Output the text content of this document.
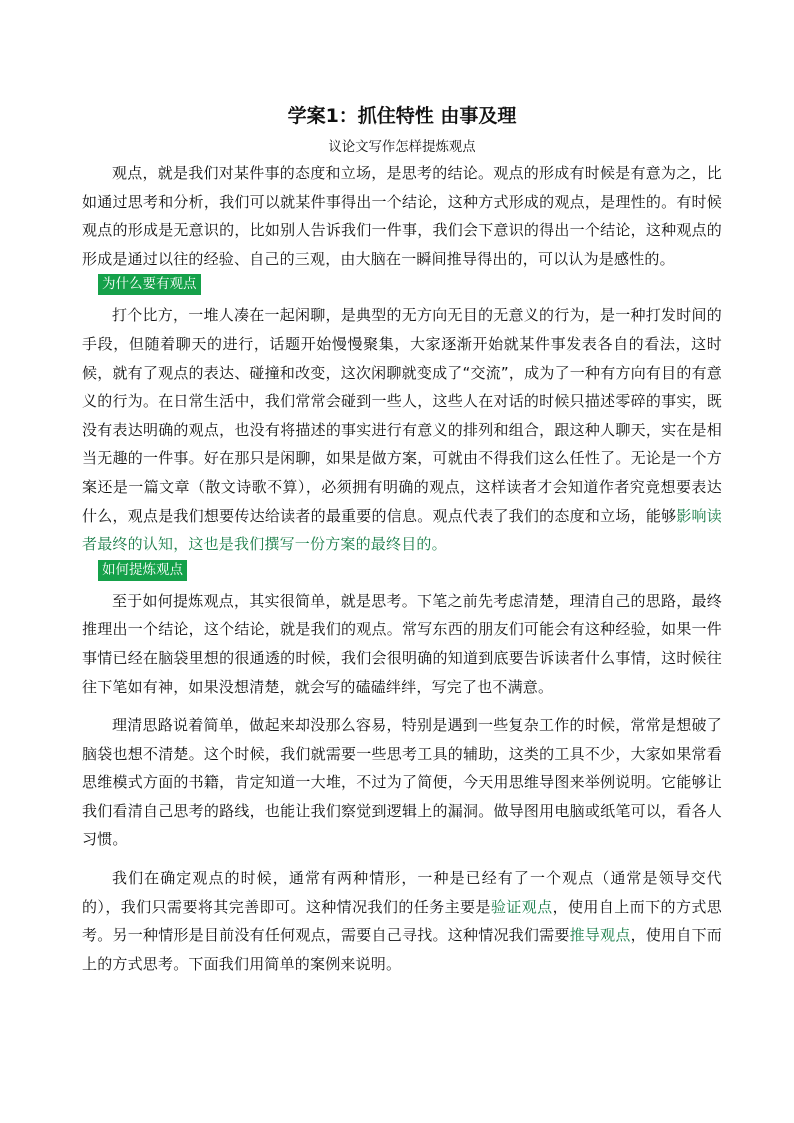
学案1：抓住特性 由事及理
议论文写作怎样提炼观点

观点，就是我们对某件事的态度和立场，是思考的结论。观点的形成有时候是有意为之，比如通过思考和分析，我们可以就某件事得出一个结论，这种方式形成的观点，是理性的。有时候观点的形成是无意识的，比如别人告诉我们一件事，我们会下意识的得出一个结论，这种观点的形成是通过以往的经验、自己的三观，由大脑在一瞬间推导得出的，可以认为是感性的。

为什么要有观点

打个比方，一堆人凑在一起闲聊，是典型的无方向无目的无意义的行为，是一种打发时间的手段，但随着聊天的进行，话题开始慢慢聚集，大家逐渐开始就某件事发表各自的看法，这时候，就有了观点的表达、碰撞和改变，这次闲聊就变成了“交流”，成为了一种有方向有目的有意义的行为。在日常生活中，我们常常会碰到一些人，这些人在对话的时候只描述零碎的事实，既没有表达明确的观点，也没有将描述的事实进行有意义的排列和组合，跟这种人聊天，实在是相当无趣的一件事。好在那只是闲聊，如果是做方案，可就由不得我们这么任性了。无论是一个方案还是一篇文章（散文诗歌不算），必须拥有明确的观点，这样读者才会知道作者究竟想要表达什么，观点是我们想要传达给读者的最重要的信息。观点代表了我们的态度和立场，能够影响读者最终的认知，这也是我们撰写一份方案的最终目的。

如何提炼观点

至于如何提炼观点，其实很简单，就是思考。下笔之前先考虑清楚，理清自己的思路，最终推理出一个结论，这个结论，就是我们的观点。常写东西的朋友们可能会有这种经验，如果一件事情已经在脑袋里想的很通透的时候，我们会很明确的知道到底要告诉读者什么事情，这时候往往下笔如有神，如果没想清楚，就会写的磕磕绊绊，写完了也不满意。

理清思路说着简单，做起来却没那么容易，特别是遇到一些复杂工作的时候，常常是想破了脑袋也想不清楚。这个时候，我们就需要一些思考工具的辅助，这类的工具不少，大家如果常看思维模式方面的书籍，肯定知道一大堆，不过为了简便，今天用思维导图来举例说明。它能够让我们看清自己思考的路线，也能让我们察觉到逻辑上的漏洞。做导图用电脑或纸笔可以，看各人习惯。

我们在确定观点的时候，通常有两种情形，一种是已经有了一个观点（通常是领导交代的），我们只需要将其完善即可。这种情况我们的任务主要是验证观点，使用自上而下的方式思考。另一种情形是目前没有任何观点，需要自己寻找。这种情况我们需要推导观点，使用自下而上的方式思考。下面我们用简单的案例来说明。
